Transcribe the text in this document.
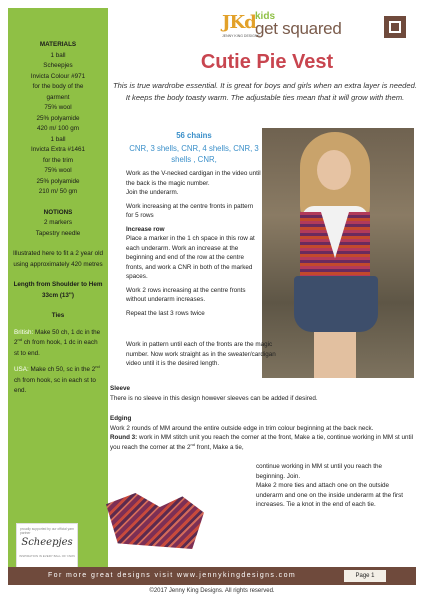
MATERIALS
1 ball
Scheepjes
Invicta Colour #971
for the body of the
garment
75% wool
25% polyamide
420 m/ 100 gm
1 ball
Invicta Extra #1461
for the trim
75% wool
25% polyamide
210 m/ 50 gm
NOTIONS
2 markers
Tapestry needle
Illustrated here to fit a 2 year old using approximately 420 metres
Length from Shoulder to Hem
33cm (13")
Ties
British: Make 50 ch, 1 dc in the 2nd ch from hook, 1 dc in each st to end.
USA: Make ch 50, sc in the 2nd ch from hook, sc in each st to end.
proudly supported by our official yarn partner
Scheepjes
INSPIRATION IN EVERY BALL OF YARN
JKd
JENNY KING DESIGNS
kids
get squared
Cutie Pie Vest
This is true wardrobe essential. It is great for boys and girls when an extra layer is needed. It keeps the body toasty warm. The adjustable ties mean that it will grow with them.

56 chains

CNR, 3 shells, CNR, 4 shells, CNR, 3 shells , CNR,

Work as the V-necked cardigan in the video until the back is the magic number.

Join the underarm.

Work increasing at the centre fronts in pattern for 5 rows

Increase row

Place a marker in the 1 ch space in this row at each underarm. Work an increase at the beginning and end of the row at the centre fronts, and work a CNR in both of the marked spaces.

Work 2 rows increasing at the centre fronts without underarm increases.

Repeat the last 3 rows twice

Work in pattern until each of the fronts are the magic number. Now work straight as in the sweater/cardigan video until it is the desired length.
Sleeve
There is no sleeve in this design however sleeves can be added if desired.
Edging
Work 2 rounds of MM around the entire outside edge in trim colour beginning at the back neck.
Round 3: work in MM stitch unit you reach the corner at the front, Make a tie, continue working in MM st until you reach the corner at the 2nd front, Make a tie,
continue working in MM st until you reach the beginning. Join.
Make 2 more ties and attach one on the outside underarm and one on the inside underarm at the first increases. Tie a knot in the end of each tie.
For more great designs visit www.jennykingdesigns.com	Page 1
©2017 Jenny King Designs. All rights reserved.
